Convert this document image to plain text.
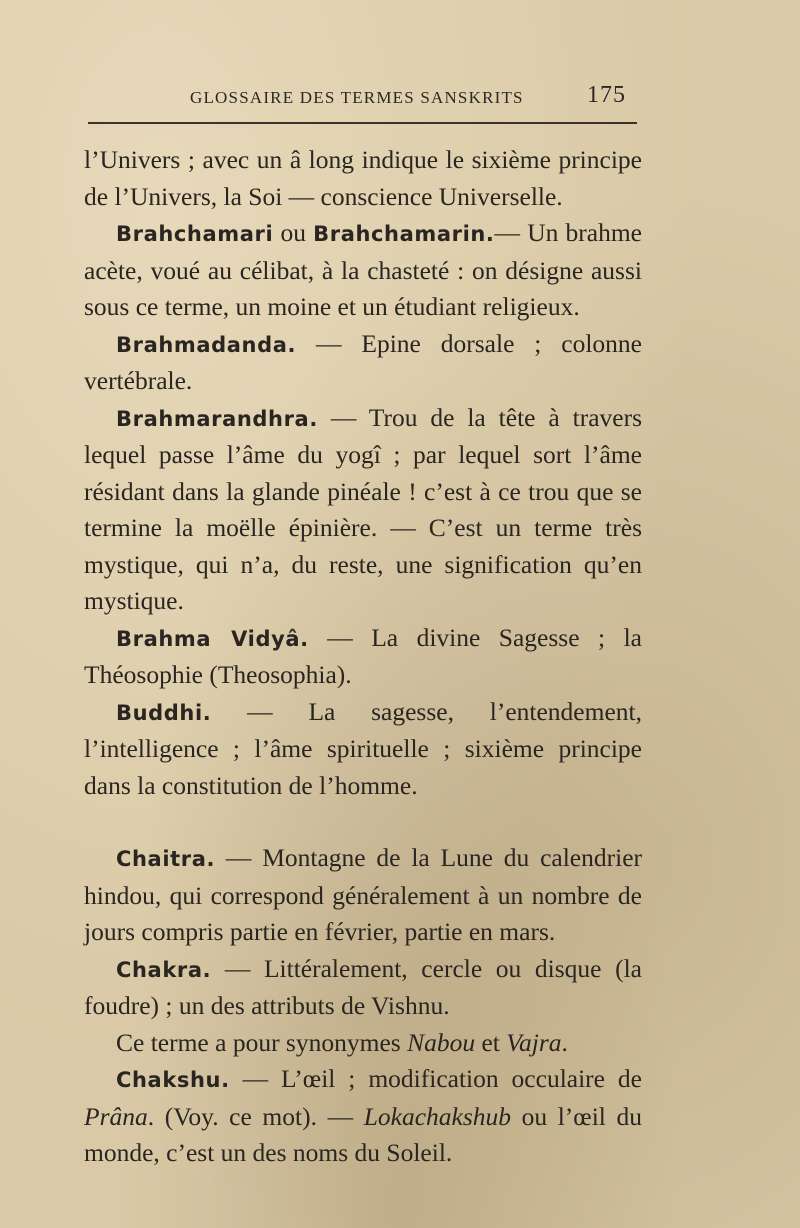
GLOSSAIRE DES TERMES SANSKRITS	175

l’Univers ; avec un â long indique le sixième principe de l’Univers, la Soi — conscience Universelle.

Brahchamari ou Brahchamarin.— Un brahme acète, voué au célibat, à la chasteté : on désigne aussi sous ce terme, un moine et un étudiant religieux.

Brahmadanda. — Epine dorsale ; colonne vertébrale.

Brahmarandhra. — Trou de la tête à travers lequel passe l’âme du yogî ; par lequel sort l’âme résidant dans la glande pinéale ! c’est à ce trou que se termine la moëlle épinière. — C’est un terme très mystique, qui n’a, du reste, une signification qu’en mystique.

Brahma Vidyâ. — La divine Sagesse ; la Théosophie (Theosophia).

Buddhi. — La sagesse, l’entendement, l’intelligence ; l’âme spirituelle ; sixième principe dans la constitution de l’homme.

Chaitra. — Montagne de la Lune du calendrier hindou, qui correspond généralement à un nombre de jours compris partie en février, partie en mars.

Chakra. — Littéralement, cercle ou disque (la foudre) ; un des attributs de Vishnu.

Ce terme a pour synonymes Nabou et Vajra.

Chakshu. — L’œil ; modification occulaire de Prâna. (Voy. ce mot). — Lokachakshub ou l’œil du monde, c’est un des noms du Soleil.
